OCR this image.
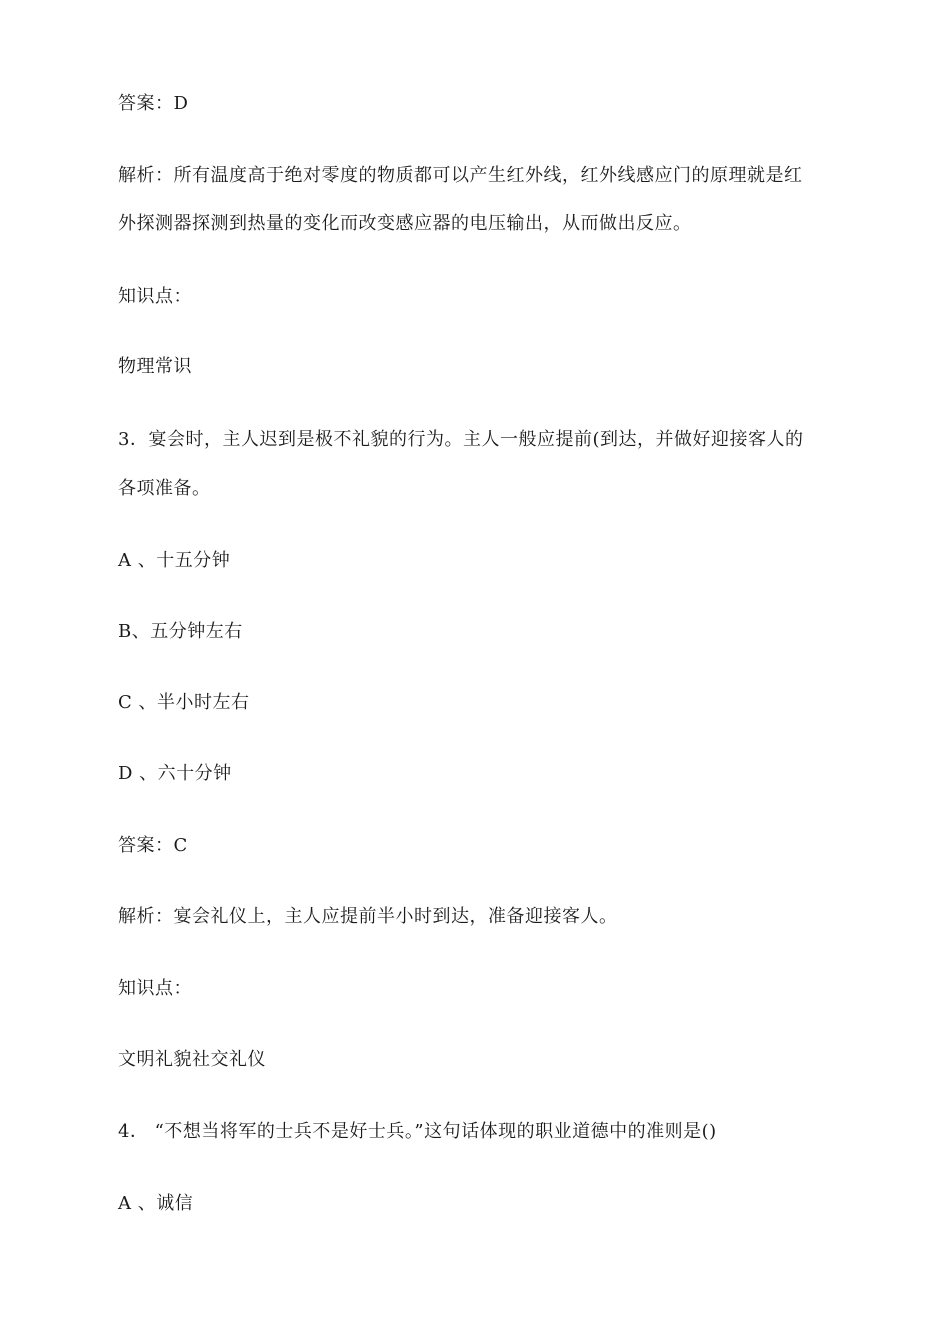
答案：D
解析：所有温度高于绝对零度的物质都可以产生红外线，红外线感应门的原理就是红
外探测器探测到热量的变化而改变感应器的电压输出，从而做出反应。
知识点：
物理常识
3．宴会时，主人迟到是极不礼貌的行为。主人一般应提前(到达，并做好迎接客人的
各项准备。
A 、十五分钟
B、五分钟左右
C 、半小时左右
D 、六十分钟
答案：C
解析：宴会礼仪上，主人应提前半小时到达，准备迎接客人。
知识点：
文明礼貌社交礼仪
4． “不想当将军的士兵不是好士兵。”这句话体现的职业道德中的准则是()
A 、诚信
